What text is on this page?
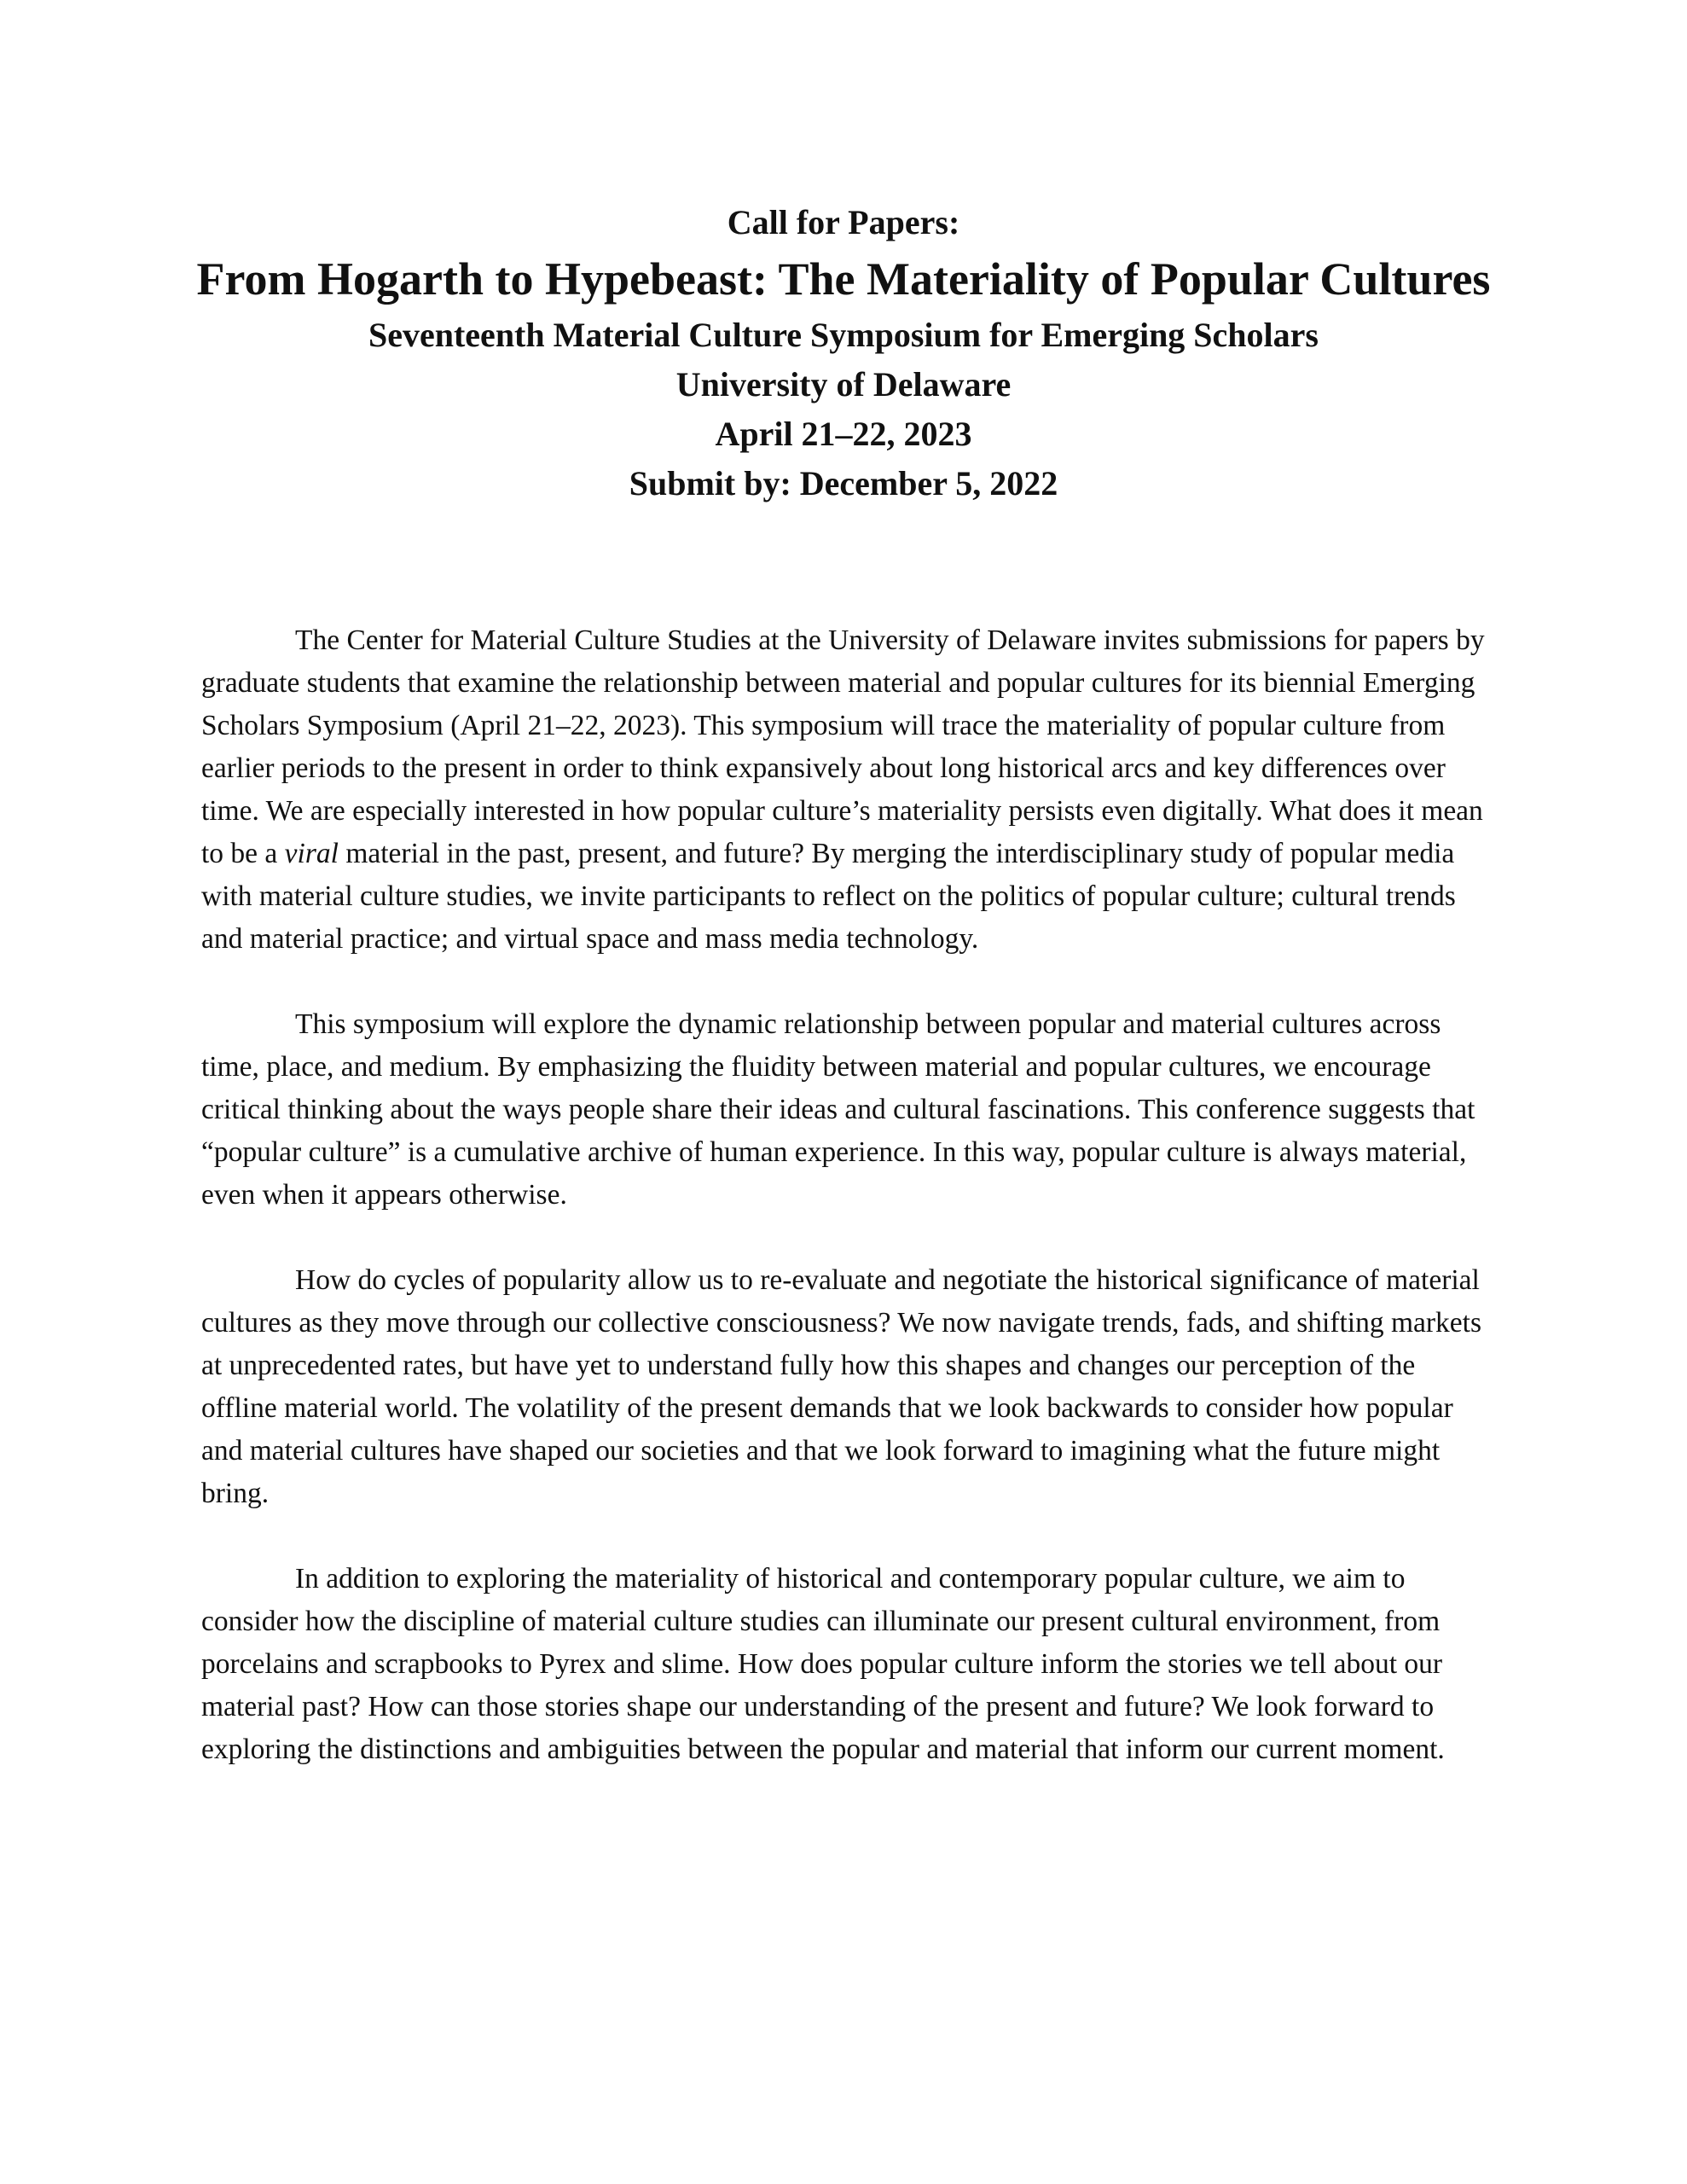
Call for Papers:

From Hogarth to Hypebeast: The Materiality of Popular Cultures

Seventeenth Material Culture Symposium for Emerging Scholars

University of Delaware

April 21–22, 2023

Submit by: December 5, 2022

The Center for Material Culture Studies at the University of Delaware invites submissions for papers by graduate students that examine the relationship between material and popular cultures for its biennial Emerging Scholars Symposium (April 21–22, 2023). This symposium will trace the materiality of popular culture from earlier periods to the present in order to think expansively about long historical arcs and key differences over time. We are especially interested in how popular culture’s materiality persists even digitally. What does it mean to be a viral material in the past, present, and future? By merging the interdisciplinary study of popular media with material culture studies, we invite participants to reflect on the politics of popular culture; cultural trends and material practice; and virtual space and mass media technology.

This symposium will explore the dynamic relationship between popular and material cultures across time, place, and medium. By emphasizing the fluidity between material and popular cultures, we encourage critical thinking about the ways people share their ideas and cultural fascinations. This conference suggests that “popular culture” is a cumulative archive of human experience. In this way, popular culture is always material, even when it appears otherwise.

How do cycles of popularity allow us to re-evaluate and negotiate the historical significance of material cultures as they move through our collective consciousness? We now navigate trends, fads, and shifting markets at unprecedented rates, but have yet to understand fully how this shapes and changes our perception of the offline material world. The volatility of the present demands that we look backwards to consider how popular and material cultures have shaped our societies and that we look forward to imagining what the future might bring.

In addition to exploring the materiality of historical and contemporary popular culture, we aim to consider how the discipline of material culture studies can illuminate our present cultural environment, from porcelains and scrapbooks to Pyrex and slime. How does popular culture inform the stories we tell about our material past? How can those stories shape our understanding of the present and future? We look forward to exploring the distinctions and ambiguities between the popular and material that inform our current moment.
